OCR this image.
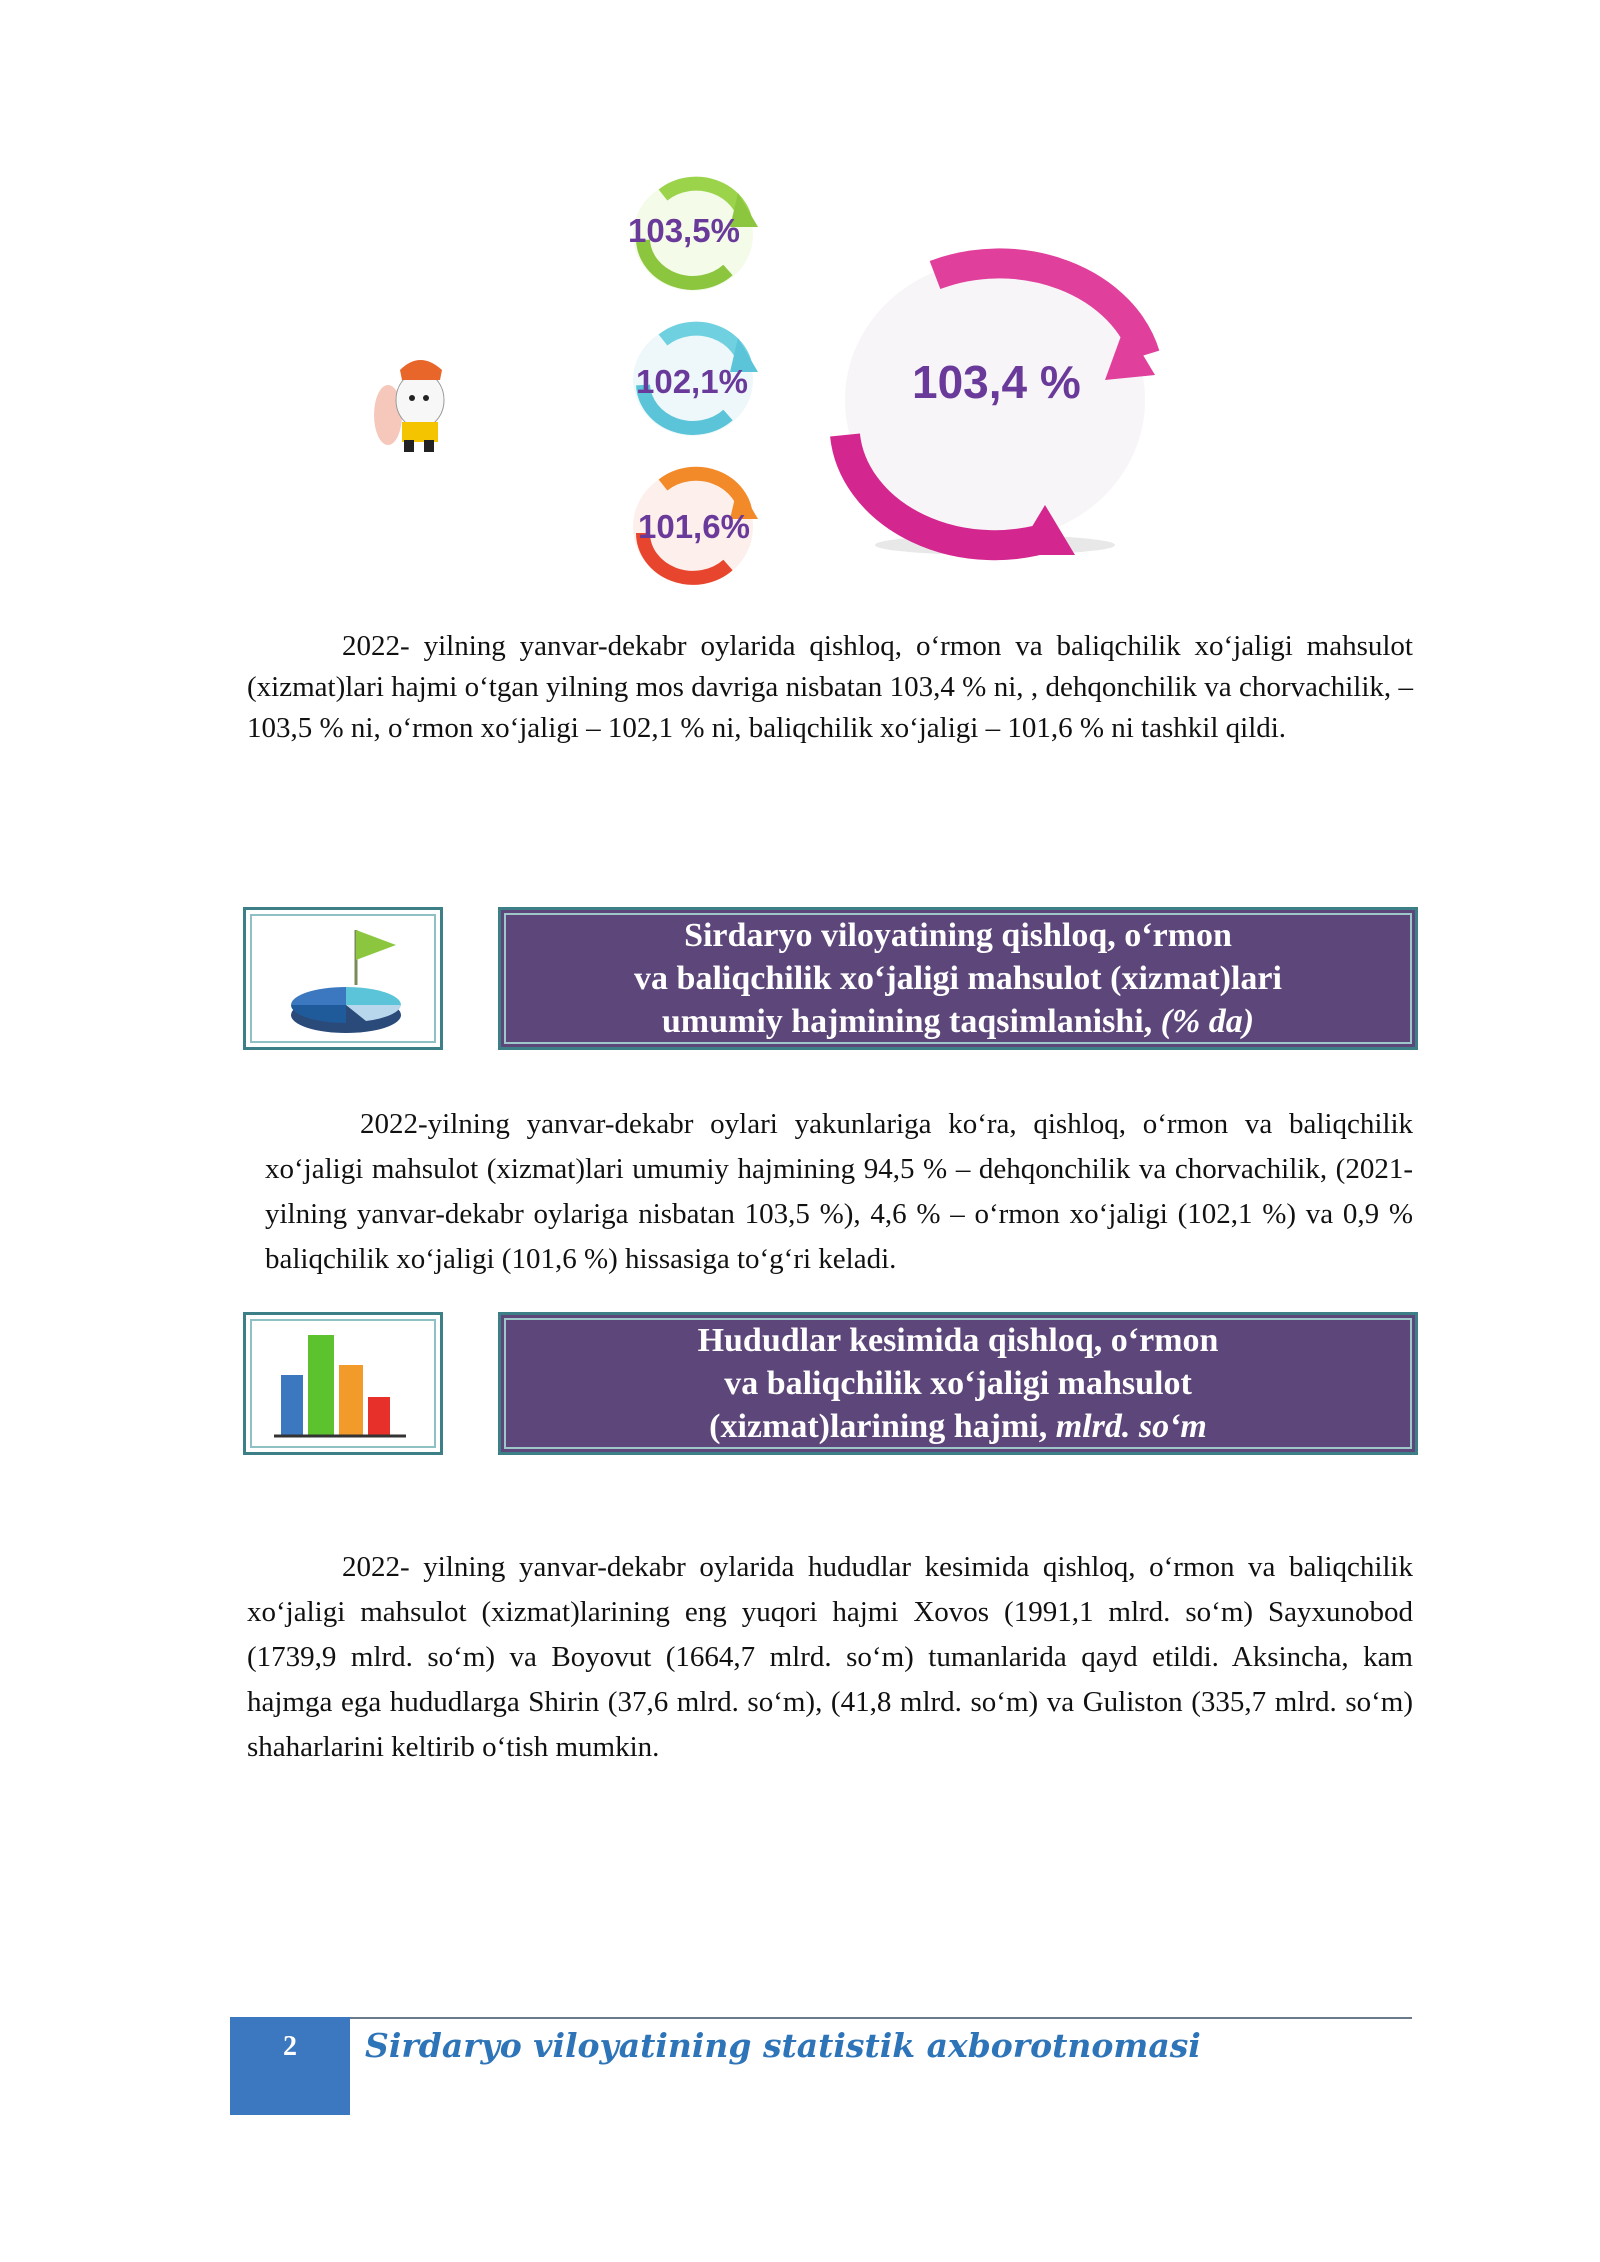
103,5%
102,1%
101,6%
103,4 %
2022- yilning yanvar-dekabr oylarida qishloq, o‘rmon va baliqchilik xo‘jaligi mahsulot (xizmat)lari hajmi o‘tgan yilning mos davriga nisbatan 103,4 % ni, , dehqonchilik va chorvachilik, – 103,5 % ni, o‘rmon xo‘jaligi – 102,1 % ni, baliqchilik xo‘jaligi – 101,6 % ni tashkil qildi.
Sirdaryo viloyatining qishloq, o‘rmon
va baliqchilik xo‘jaligi mahsulot (xizmat)lari
umumiy hajmining taqsimlanishi, (% da)
2022-yilning yanvar-dekabr oylari yakunlariga ko‘ra, qishloq, o‘rmon va baliqchilik xo‘jaligi mahsulot (xizmat)lari umumiy hajmining 94,5 % – dehqonchilik va chorvachilik, (2021- yilning yanvar-dekabr oylariga nisbatan 103,5 %), 4,6 % – o‘rmon xo‘jaligi (102,1 %) va 0,9 % baliqchilik xo‘jaligi (101,6 %) hissasiga to‘g‘ri keladi.
Hududlar kesimida qishloq, o‘rmon
va baliqchilik xo‘jaligi mahsulot
(xizmat)larining hajmi, mlrd. so‘m
2022- yilning yanvar-dekabr oylarida hududlar kesimida qishloq, o‘rmon va baliqchilik xo‘jaligi mahsulot (xizmat)larining eng yuqori hajmi Xovos (1991,1 mlrd. so‘m) Sayxunobod (1739,9 mlrd. so‘m) va Boyovut (1664,7 mlrd. so‘m) tumanlarida qayd etildi. Aksincha, kam hajmga ega hududlarga Shirin (37,6 mlrd. so‘m), (41,8 mlrd. so‘m) va Guliston (335,7 mlrd. so‘m) shaharlarini keltirib o‘tish mumkin.
2	Sirdaryo viloyatining statistik axborotnomasi
